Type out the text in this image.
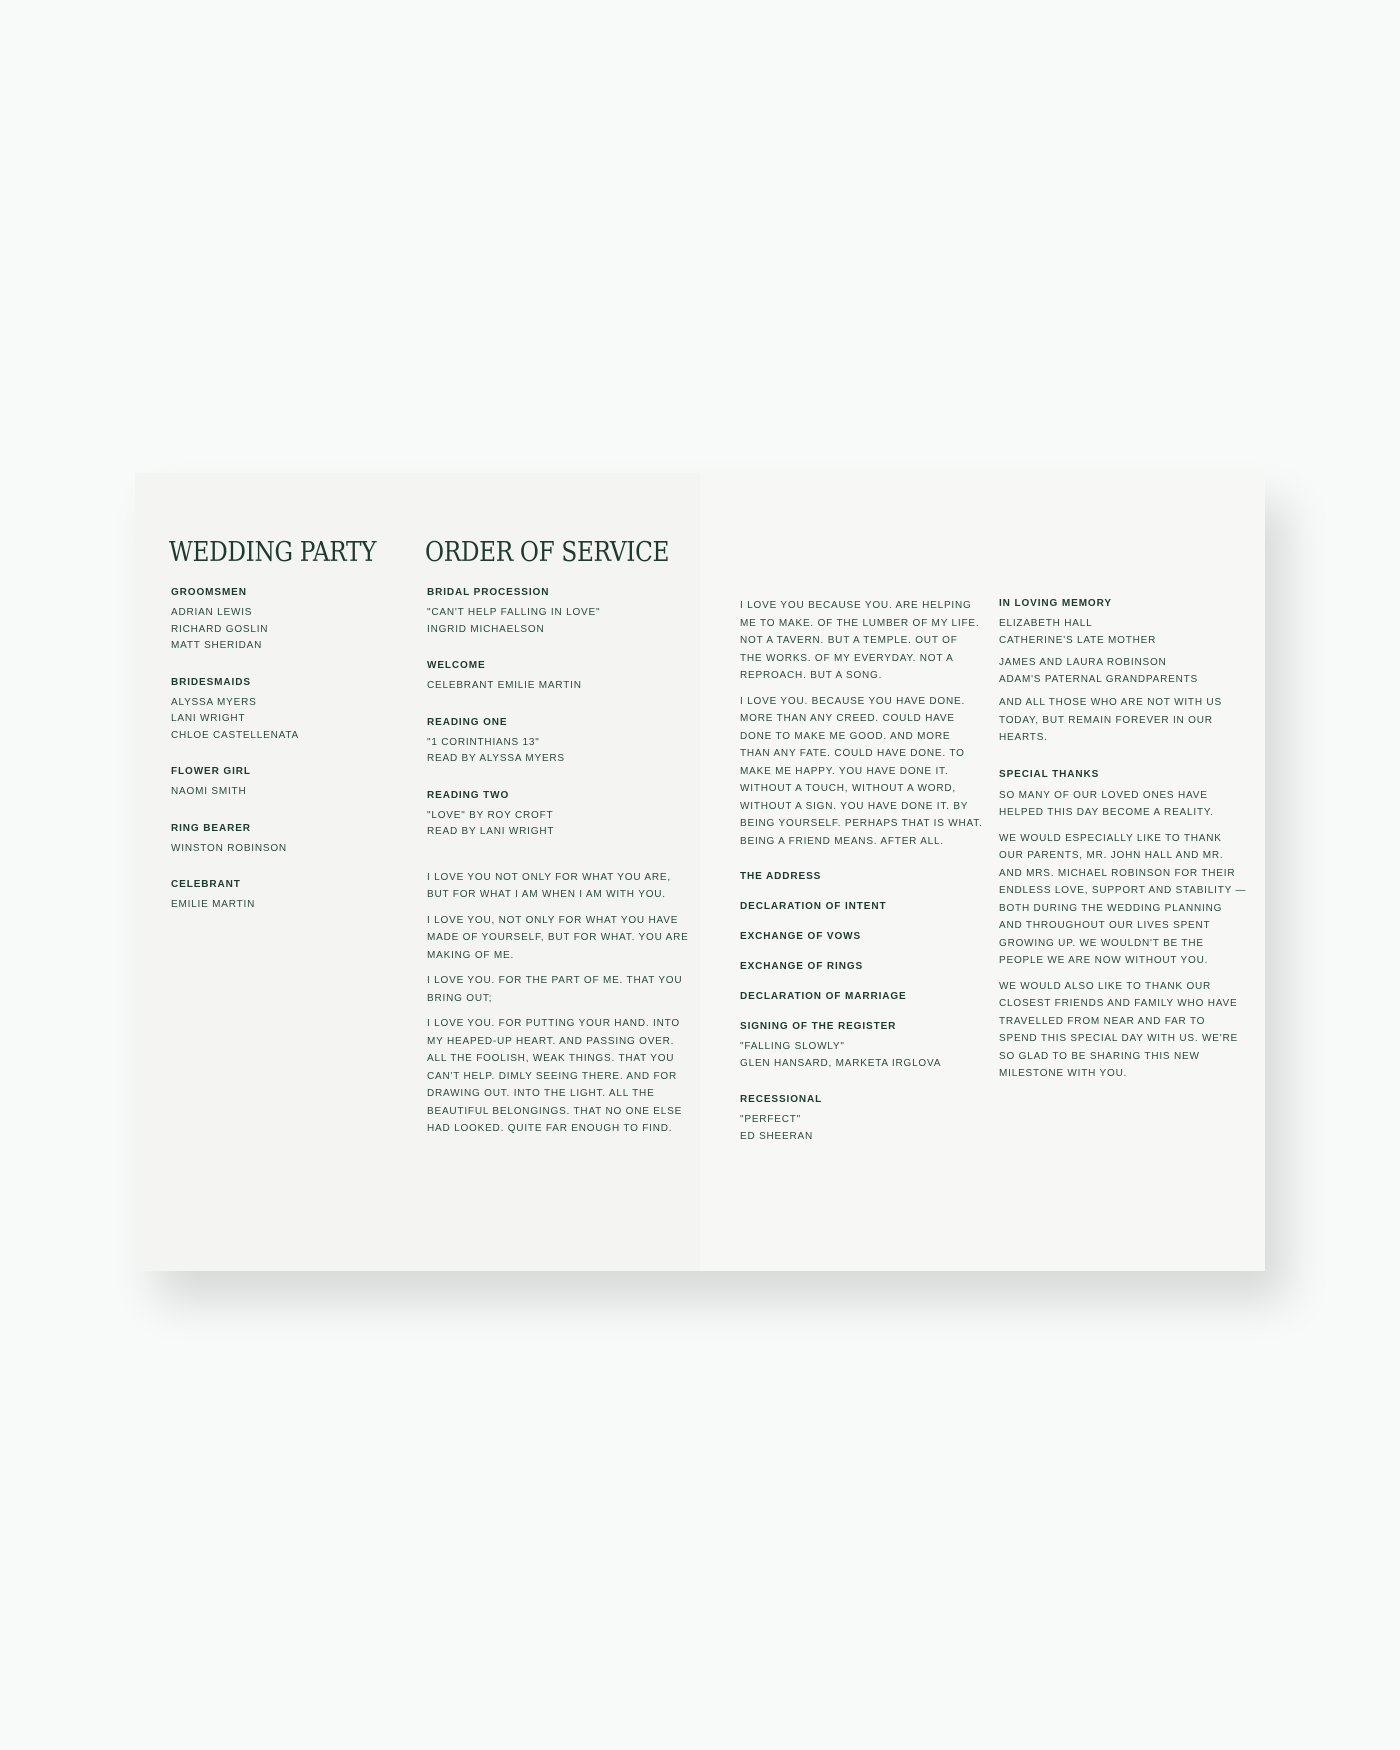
WEDDING PARTY
GROOMSMEN
ADRIAN LEWIS
RICHARD GOSLIN
MATT SHERIDAN
BRIDESMAIDS
ALYSSA MYERS
LANI WRIGHT
CHLOE CASTELLENATA
FLOWER GIRL
NAOMI SMITH
RING BEARER
WINSTON ROBINSON
CELEBRANT
EMILIE MARTIN
ORDER OF SERVICE
BRIDAL PROCESSION
"CAN'T HELP FALLING IN LOVE"
INGRID MICHAELSON
WELCOME
CELEBRANT EMILIE MARTIN
READING ONE
"1 CORINTHIANS 13"
READ BY ALYSSA MYERS
READING TWO
"LOVE" BY ROY CROFT
READ BY LANI WRIGHT
I LOVE YOU NOT ONLY FOR WHAT YOU ARE, BUT FOR WHAT I AM WHEN I AM WITH YOU.
I LOVE YOU, NOT ONLY FOR WHAT YOU HAVE MADE OF YOURSELF, BUT FOR WHAT. YOU ARE MAKING OF ME.
I LOVE YOU. FOR THE PART OF ME. THAT YOU BRING OUT;
I LOVE YOU. FOR PUTTING YOUR HAND. INTO MY HEAPED-UP HEART. AND PASSING OVER. ALL THE FOOLISH, WEAK THINGS. THAT YOU CAN'T HELP. DIMLY SEEING THERE. AND FOR DRAWING OUT. INTO THE LIGHT. ALL THE BEAUTIFUL BELONGINGS. THAT NO ONE ELSE HAD LOOKED. QUITE FAR ENOUGH TO FIND.
I LOVE YOU BECAUSE YOU. ARE HELPING ME TO MAKE. OF THE LUMBER OF MY LIFE. NOT A TAVERN. BUT A TEMPLE. OUT OF THE WORKS. OF MY EVERYDAY. NOT A REPROACH. BUT A SONG.
I LOVE YOU. BECAUSE YOU HAVE DONE. MORE THAN ANY CREED. COULD HAVE DONE TO MAKE ME GOOD. AND MORE THAN ANY FATE. COULD HAVE DONE. TO MAKE ME HAPPY. YOU HAVE DONE IT. WITHOUT A TOUCH, WITHOUT A WORD, WITHOUT A SIGN. YOU HAVE DONE IT. BY BEING YOURSELF. PERHAPS THAT IS WHAT. BEING A FRIEND MEANS. AFTER ALL.
THE ADDRESS
DECLARATION OF INTENT
EXCHANGE OF VOWS
EXCHANGE OF RINGS
DECLARATION OF MARRIAGE
SIGNING OF THE REGISTER
"FALLING SLOWLY"
GLEN HANSARD, MARKETA IRGLOVA
RECESSIONAL
"PERFECT"
ED SHEERAN
IN LOVING MEMORY
ELIZABETH HALL
CATHERINE'S LATE MOTHER
JAMES AND LAURA ROBINSON
ADAM'S PATERNAL GRANDPARENTS
AND ALL THOSE WHO ARE NOT WITH US TODAY, BUT REMAIN FOREVER IN OUR HEARTS.
SPECIAL THANKS
SO MANY OF OUR LOVED ONES HAVE HELPED THIS DAY BECOME A REALITY.
WE WOULD ESPECIALLY LIKE TO THANK OUR PARENTS, MR. JOHN HALL AND MR. AND MRS. MICHAEL ROBINSON FOR THEIR ENDLESS LOVE, SUPPORT AND STABILITY — BOTH DURING THE WEDDING PLANNING AND THROUGHOUT OUR LIVES SPENT GROWING UP. WE WOULDN'T BE THE PEOPLE WE ARE NOW WITHOUT YOU.
WE WOULD ALSO LIKE TO THANK OUR CLOSEST FRIENDS AND FAMILY WHO HAVE TRAVELLED FROM NEAR AND FAR TO SPEND THIS SPECIAL DAY WITH US. WE'RE SO GLAD TO BE SHARING THIS NEW MILESTONE WITH YOU.
